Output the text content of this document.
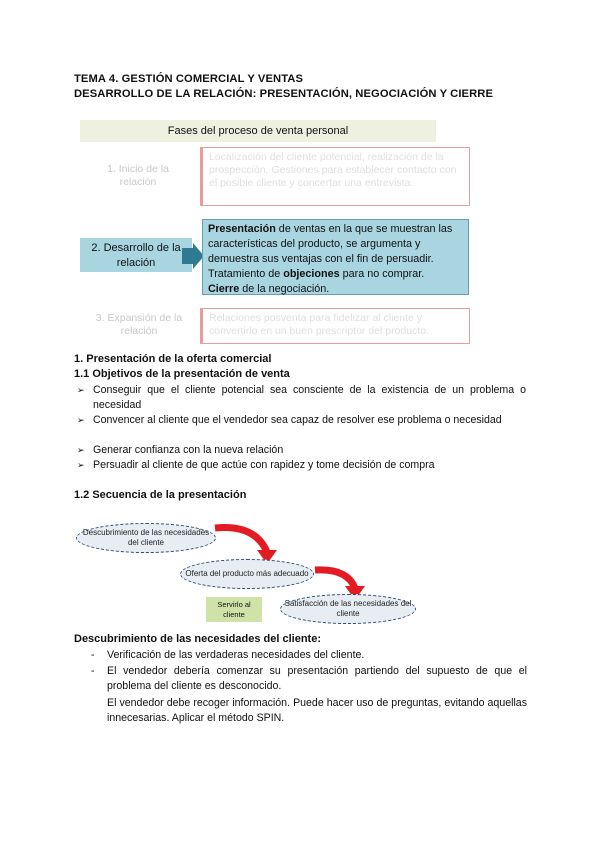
TEMA 4. GESTIÓN COMERCIAL Y VENTAS
DESARROLLO DE LA RELACIÓN: PRESENTACIÓN, NEGOCIACIÓN Y CIERRE
Fases del proceso de venta personal
1. Inicio de la relación
Localización del cliente potencial, realización de la prospección. Gestiones para establecer contacto con el posible cliente y concertar una entrevista.
2. Desarrollo de la relación
Presentación de ventas en la que se muestran las características del producto, se argumenta y demuestra sus ventajas con el fin de persuadir. Tratamiento de objeciones para no comprar.
Cierre de la negociación.
3. Expansión de la relación
Relaciones posventa para fidelizar al cliente y convertirlo en un buen prescriptor del producto.
1. Presentación de la oferta comercial
1.1 Objetivos de la presentación de venta
➢ Conseguir que el cliente potencial sea consciente de la existencia de un problema o necesidad
➢ Convencer al cliente que el vendedor sea capaz de resolver ese problema o necesidad
➢ Generar confianza con la nueva relación
➢ Persuadir al cliente de que actúe con rapidez y tome decisión de compra
1.2 Secuencia de la presentación
Descubrimiento de las necesidades del cliente
Oferta del producto más adecuado
Satisfacción de las necesidades del cliente
Servirlo al cliente
Descubrimiento de las necesidades del cliente:
- Verificación de las verdaderas necesidades del cliente.
- El vendedor debería comenzar su presentación partiendo del supuesto de que el problema del cliente es desconocido.
El vendedor debe recoger información. Puede hacer uso de preguntas, evitando aquellas innecesarias. Aplicar el método SPIN.
